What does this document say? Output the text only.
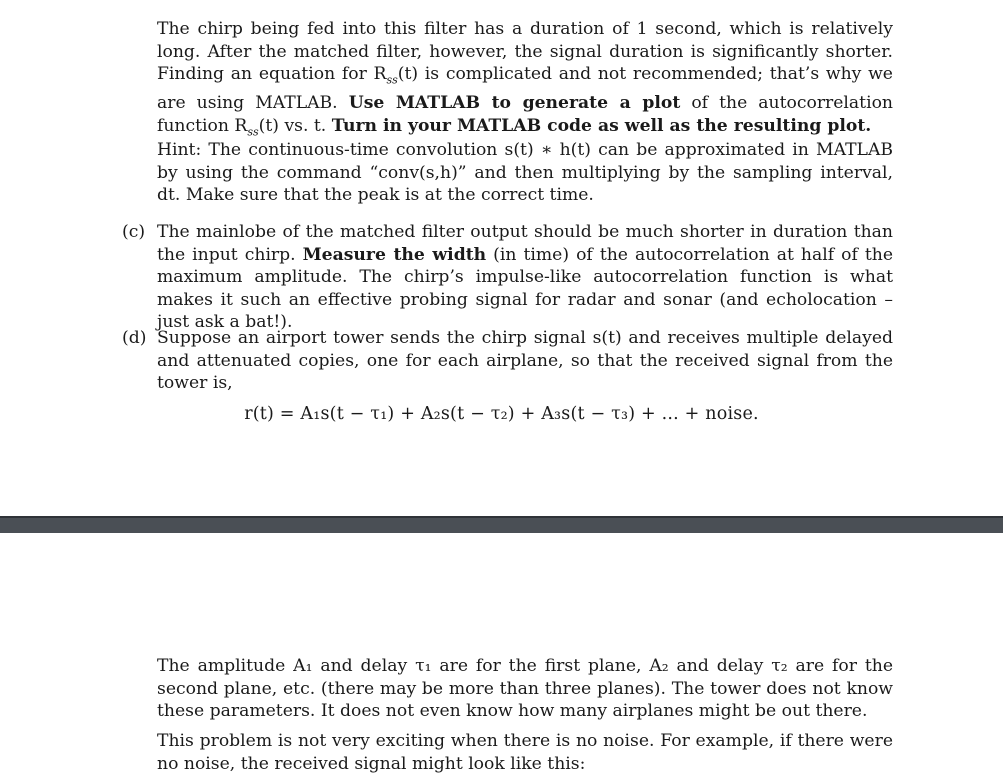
The chirp being fed into this filter has a duration of 1 second, which is relatively long. After the matched filter, however, the signal duration is significantly shorter. Finding an equation for $R_{ss}(t)$ is complicated and not recommended; that’s why we are using MATLAB. Use MATLAB to generate a plot of the autocorrelation function $R_{ss}(t)$ vs. t. Turn in your MATLAB code as well as the resulting plot.

Hint: The continuous-time convolution s(t) ∗ h(t) can be approximated in MATLAB by using the command “conv(s,h)” and then multiplying by the sampling interval, dt. Make sure that the peak is at the correct time.

(c) The mainlobe of the matched filter output should be much shorter in duration than the input chirp. Measure the width (in time) of the autocorrelation at half of the maximum amplitude. The chirp’s impulse-like autocorrelation function is what makes it such an effective probing signal for radar and sonar (and echolocation – just ask a bat!).

(d) Suppose an airport tower sends the chirp signal s(t) and receives multiple delayed and attenuated copies, one for each airplane, so that the received signal from the tower is,

r(t) = A₁s(t − τ₁) + A₂s(t − τ₂) + A₃s(t − τ₃) + ... + noise.

The amplitude A₁ and delay τ₁ are for the first plane, A₂ and delay τ₂ are for the second plane, etc. (there may be more than three planes). The tower does not know these parameters. It does not even know how many airplanes might be out there.

This problem is not very exciting when there is no noise. For example, if there were no noise, the received signal might look like this:
